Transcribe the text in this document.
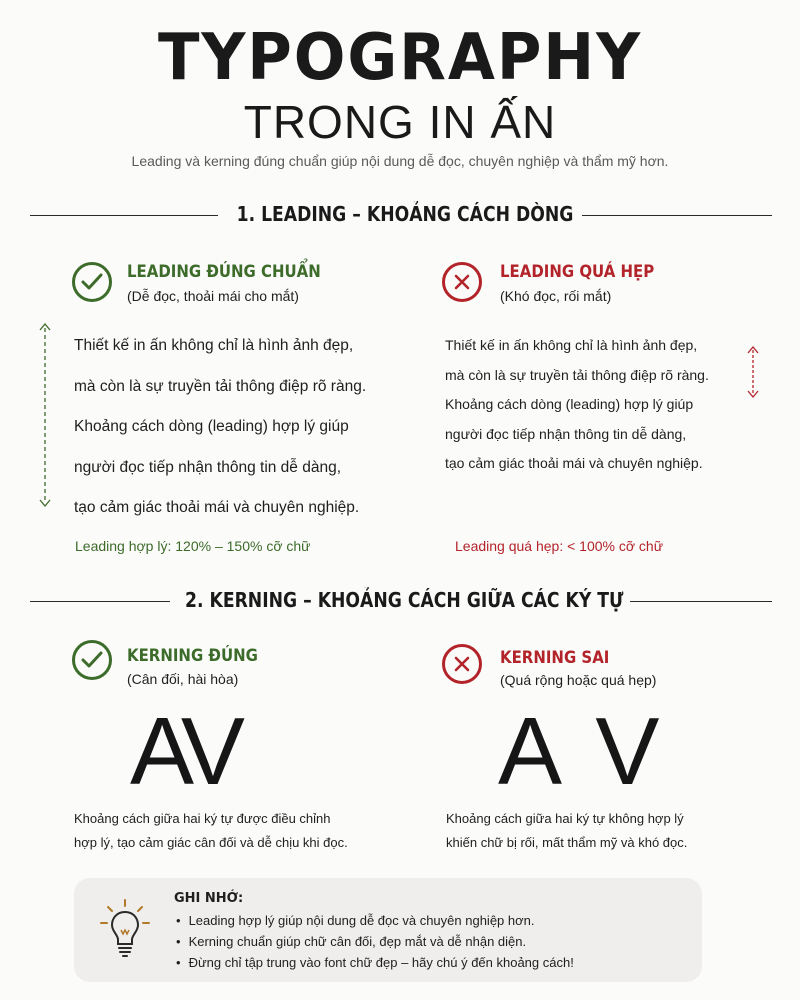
TYPOGRAPHY
TRONG IN ẤN
Leading và kerning đúng chuẩn giúp nội dung dễ đọc, chuyên nghiệp và thẩm mỹ hơn.
1. LEADING – KHOẢNG CÁCH DÒNG
LEADING ĐÚNG CHUẨN
(Dễ đọc, thoải mái cho mắt)
Thiết kế in ấn không chỉ là hình ảnh đẹp,
mà còn là sự truyền tải thông điệp rõ ràng.
Khoảng cách dòng (leading) hợp lý giúp
người đọc tiếp nhận thông tin dễ dàng,
tạo cảm giác thoải mái và chuyên nghiệp.
Leading hợp lý: 120% – 150% cỡ chữ
LEADING QUÁ HẸP
(Khó đọc, rối mắt)
Thiết kế in ấn không chỉ là hình ảnh đẹp,
mà còn là sự truyền tải thông điệp rõ ràng.
Khoảng cách dòng (leading) hợp lý giúp
người đọc tiếp nhận thông tin dễ dàng,
tạo cảm giác thoải mái và chuyên nghiệp.
Leading quá hẹp: < 100% cỡ chữ
2. KERNING – KHOẢNG CÁCH GIỮA CÁC KÝ TỰ
KERNING ĐÚNG
(Cân đối, hài hòa)
AV
Khoảng cách giữa hai ký tự được điều chỉnh
hợp lý, tạo cảm giác cân đối và dễ chịu khi đọc.
KERNING SAI
(Quá rộng hoặc quá hẹp)
A V
Khoảng cách giữa hai ký tự không hợp lý
khiến chữ bị rối, mất thẩm mỹ và khó đọc.
GHI NHỚ:
• Leading hợp lý giúp nội dung dễ đọc và chuyên nghiệp hơn.
• Kerning chuẩn giúp chữ cân đối, đẹp mắt và dễ nhận diện.
• Đừng chỉ tập trung vào font chữ đẹp – hãy chú ý đến khoảng cách!
